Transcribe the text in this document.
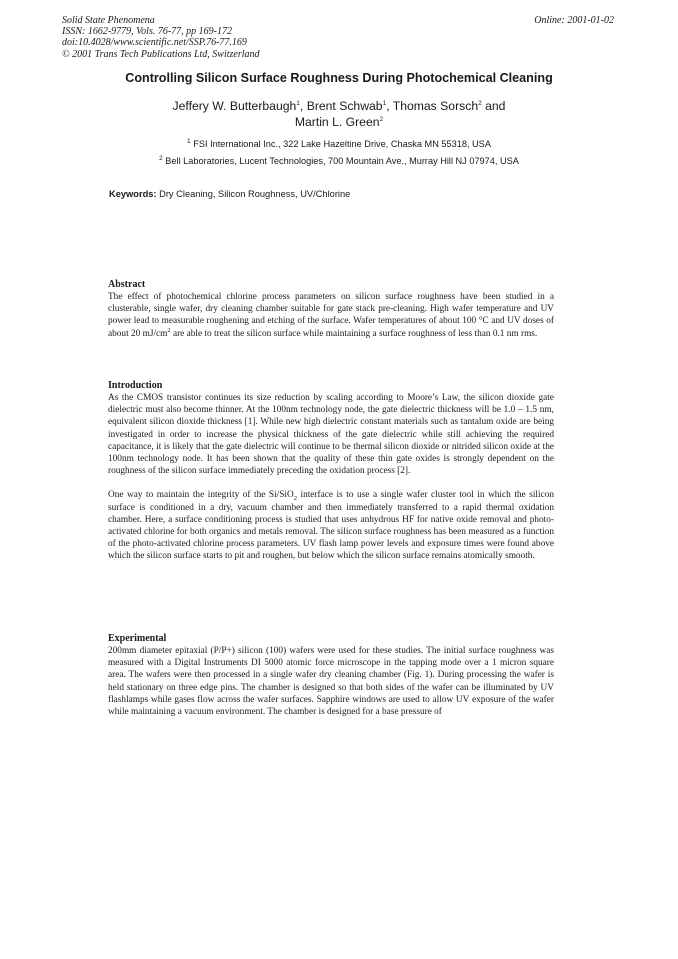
Solid State Phenomena
ISSN: 1662-9779, Vols. 76-77, pp 169-172
doi:10.4028/www.scientific.net/SSP.76-77.169
© 2001 Trans Tech Publications Ltd, Switzerland
Online: 2001-01-02
Controlling Silicon Surface Roughness During Photochemical Cleaning
Jeffery W. Butterbaugh$^1$, Brent Schwab$^1$, Thomas Sorsch$^2$ and
Martin L. Green$^2$
$^1$ FSI International Inc., 322 Lake Hazeltine Drive, Chaska MN 55318, USA
$^2$ Bell Laboratories, Lucent Technologies, 700 Mountain Ave., Murray Hill NJ 07974, USA
Keywords: Dry Cleaning, Silicon Roughness, UV/Chlorine
Abstract

The effect of photochemical chlorine process parameters on silicon surface roughness have been studied in a clusterable, single wafer, dry cleaning chamber suitable for gate stack pre-cleaning. High wafer temperature and UV power lead to measurable roughening and etching of the surface. Wafer temperatures of about 100 °C and UV doses of about 20 $mJ/cm^2$ are able to treat the silicon surface while maintaining a surface roughness of less than 0.1 nm rms.

Introduction

As the CMOS transistor continues its size reduction by scaling according to Moore’s Law, the silicon dioxide gate dielectric must also become thinner. At the 100nm technology node, the gate dielectric thickness will be 1.0 – 1.5 nm, equivalent silicon dioxide thickness [1]. While new high dielectric constant materials such as tantalum oxide are being investigated in order to increase the physical thickness of the gate dielectric while still achieving the required capacitance, it is likely that the gate dielectric will continue to be thermal silicon dioxide or nitrided silicon oxide at the 100nm technology node. It has been shown that the quality of these thin gate oxides is strongly dependent on the roughness of the silicon surface immediately preceding the oxidation process [2].

One way to maintain the integrity of the Si/SiO$_2$ interface is to use a single wafer cluster tool in which the silicon surface is conditioned in a dry, vacuum chamber and then immediately transferred to a rapid thermal oxidation chamber. Here, a surface conditioning process is studied that uses anhydrous HF for native oxide removal and photo-activated chlorine for both organics and metals removal. The silicon surface roughness has been measured as a function of the photo-activated chlorine process parameters. UV flash lamp power levels and exposure times were found above which the silicon surface starts to pit and roughen, but below which the silicon surface remains atomically smooth.

Experimental

200mm diameter epitaxial (P/P+) silicon (100) wafers were used for these studies. The initial surface roughness was measured with a Digital Instruments DI 5000 atomic force microscope in the tapping mode over a 1 micron square area. The wafers were then processed in a single wafer dry cleaning chamber (Fig. 1). During processing the wafer is held stationary on three edge pins. The chamber is designed so that both sides of the wafer can be illuminated by UV flashlamps while gases flow across the wafer surfaces. Sapphire windows are used to allow UV exposure of the wafer while maintaining a vacuum environment. The chamber is designed for a base pressure of
